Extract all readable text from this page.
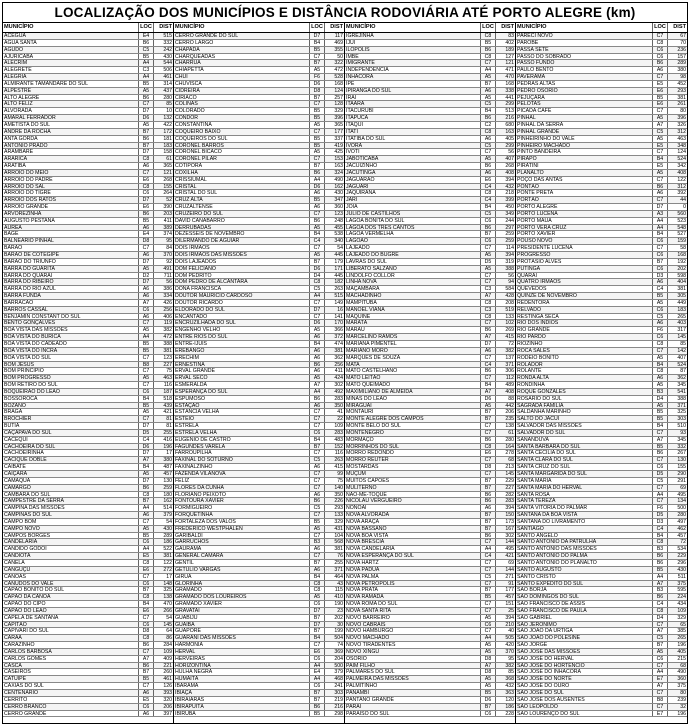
LOCALIZAÇÃO DOS MUNICÍPIOS E DISTÂNCIA RODOVIÁRIA ATÉ PORTO ALEGRE (km)
MUNICÍPIO	LOC	DIST
ACEGUÁ	E4	515
ÁGUA SANTA	B6	332
AGUDO	C5	242
AJURICABA	B5	430
ALECRIM	A4	544
ALEGRETE	C3	506
ALEGRIA	A4	461
ALMIRANTE TAMANDARÉ DO SUL	B5	314
ALPESTRE	A5	437
ALTO ALEGRE	B6	280
ALTO FELIZ	C7	85
ALVORADA	D7	10
AMARAL FERRADOR	D6	132
AMETISTA DO SUL	A5	422
ANDRÉ DA ROCHA	B7	172
ANTA GORDA	B6	181
ANTÔNIO PRADO	B7	183
ARAMBARÉ	D7	158
ARARICÁ	C8	61
ARATIBA	A6	365
ARROIO DO MEIO	C7	121
ARROIO DO PADRE	E6	268
ARROIO DO SAL	C8	155
ARROIO DO TIGRE	C6	264
ARROIO DOS RATOS	D7	52
ARROIO GRANDE	E6	390
ARVOREZINHA	B6	203
AUGUSTO PESTANA	B5	411
ÁUREA	A6	389
BAGÉ	E4	374
BALNEÁRIO PINHAL	D8	95
BARÃO	C7	84
BARÃO DE COTEGIPE	A6	370
BARÃO DO TRIUNFO	D7	92
BARRA DO GUARITA	A5	491
BARRA DO QUARAÍ	D2	711
BARRA DO RIBEIRO	D7	56
BARRA DO RIO AZUL	A6	386
BARRA FUNDA	A6	334
BARRACÃO	A7	426
BARROS CASSAL	C6	256
BENJAMIN CONSTANT DO SUL	A6	406
BENTO GONÇALVES	C7	119
BOA VISTA DAS MISSÕES	A5	382
BOA VISTA DO BURICÁ	A4	472
BOA VISTA DO CADEADO	B5	388
BOA VISTA DO INCRA	B5	381
BOA VISTA DO SUL	C7	123
BOM JESUS	B8	227
BOM PRINCÍPIO	C7	75
BOM PROGRESSO	A5	463
BOM RETIRO DO SUL	C7	116
BOQUEIRÃO DO LEÃO	C6	187
BOSSOROCA	B4	518
BOZANO	B5	439
BRAGA	A5	421
BROCHIER	C7	81
BUTIÁ	D7	81
CAÇAPAVA DO SUL	D5	255
CACEQUI	C4	416
CACHOEIRA DO SUL	D6	196
CACHOEIRINHA	D7	17
CACIQUE DOBLE	A7	380
CAIBATÉ	B4	487
CAIÇARA	A5	457
CAMAQUÃ	D7	130
CAMARGO	B6	259
CAMBARÁ DO SUL	C8	180
CAMPESTRE DA SERRA	B7	162
CAMPINA DAS MISSÕES	A4	514
CAMPINAS DO SUL	A6	379
CAMPO BOM	C7	54
CAMPO NOVO	A5	430
CAMPOS BORGES	B5	289
CANDELÁRIA	C6	186
CÂNDIDO GODÓI	A4	522
CANDIOTA	E5	381
CANELA	C8	122
CANGUÇU	E6	272
CANOAS	C7	17
CANUDOS DO VALE	C6	148
CAPÃO BONITO DO SUL	B7	325
CAPÃO DA CANOA	C8	138
CAPÃO DO CIPÓ	B4	470
CAPÃO DO LEÃO	E6	266
CAPELA DE SANTANA	C7	54
CAPITÃO	C6	145
CAPIVARI DO SUL	D8	64
CARAÁ	C8	86
CARAZINHO	B6	284
CARLOS BARBOSA	C7	109
CARLOS GOMES	A7	409
CASCA	B6	221
CASEIROS	B7	260
CATUÍPE	B5	461
CAXIAS DO SUL	C7	126
CENTENÁRIO	A6	393
CERRITO	E5	320
CERRO BRANCO	C6	206
CERRO GRANDE	A6	397
MUNICÍPIO	LOC	DIST
CERRO GRANDE DO SUL	D7	117
CERRO LARGO	B4	469
CHAPADA	B5	355
CHARQUEADAS	C7	50
CHARRUA	B7	322
CHIAPETTA	A5	472
CHUÍ	F6	528
CHUVISCA	D6	168
CIDREIRA	D8	124
CIRÍACO	B7	257
COLINAS	C7	128
COLORADO	B5	329
CONDOR	B5	396
CONSTANTINA	A5	365
COQUEIRO BAIXO	C7	177
COQUEIROS DO SUL	B5	337
CORONEL BARROS	B5	419
CORONEL BICACO	A5	425
CORONEL PILAR	C7	153
COTIPORÃ	B7	163
COXILHA	B6	324
CRISSIUMAL	A4	490
CRISTAL	D6	162
CRISTAL DO SUL	A6	430
CRUZ ALTA	B5	347
CRUZALTENSE	A6	360
CRUZEIRO DO SUL	C7	123
DAVID CANABARRO	B6	248
DERRUBADAS	A5	455
DEZESSEIS DE NOVEMBRO	B4	538
DILERMANDO DE AGUIAR	C4	340
DOIS IRMÃOS	C7	54
DOIS IRMÃOS DAS MISSÕES	A5	445
DOIS LAJEADOS	B7	179
DOM FELICIANO	D6	171
DOM PEDRITO	D4	445
DOM PEDRO DE ALCÂNTARA	C8	182
DONA FRANCISCA	C5	263
DOUTOR MAURÍCIO CARDOSO	A4	515
DOUTOR RICARDO	C7	149
ELDORADO DO SUL	D7	16
ENCANTADO	C7	141
ENCRUZILHADA DO SUL	D6	170
ENGENHO VELHO	A5	366
ENTRE RIOS DO SUL	A6	372
ENTRE-IJUÍS	B4	474
EREBANGO	A6	381
ERECHIM	A6	362
ERNESTINA	B6	256
ERVAL GRANDE	A6	411
ERVAL SECO	A5	424
ESMERALDA	A7	302
ESPERANÇA DO SUL	A4	492
ESPUMOSO	B6	283
ESTAÇÃO	A6	350
ESTÂNCIA VELHA	C7	41
ESTEIO	C7	22
ESTRELA	C7	109
ESTRELA VELHA	C6	283
EUGÊNIO DE CASTRO	B4	483
FAGUNDES VARELA	B7	152
FARROUPILHA	C7	116
FAXINAL DO SOTURNO	C5	263
FAXINALZINHO	A6	415
FAZENDA VILANOVA	C7	99
FELIZ	C7	75
FLORES DA CUNHA	C7	140
FLORIANO PEIXOTO	A6	350
FONTOURA XAVIER	B6	226
FORMIGUEIRO	C5	293
FORQUETINHA	C7	133
FORTALEZA DOS VALOS	B5	329
FREDERICO WESTPHALEN	A5	431
GARIBALDI	C7	104
GARRUCHOS	B3	568
GAURAMA	A6	381
GENERAL CÂMARA	C7	76
GENTIL	B7	255
GETÚLIO VARGAS	A6	371
GIRUÁ	B4	464
GLORINHA	C8	43
GRAMADO	C8	115
GRAMADO DOS LOUREIROS	A5	410
GRAMADO XAVIER	C6	190
GRAVATAÍ	D7	23
GUABIJU	B7	202
GUAÍBA	D7	30
GUAPORÉ	B7	199
GUARANI DAS MISSÕES	B4	504
HARMONIA	C7	74
HERVAL	E6	369
HERVEIRAS	C6	204
HORIZONTINA	A4	500
HULHA NEGRA	E4	379
HUMAITÁ	A4	468
IBARAMA	C6	241
IBIAÇÁ	B7	303
IBIRAIARAS	B7	219
IBIRAPUITÃ	B6	216
IBIRUBÁ	B5	298
MUNICÍPIO	LOC	DIST
IGREJINHA	C8	83
IJUÍ	B5	402
ILÓPOLIS	B6	189
IMBÉ	C8	127
IMIGRANTE	C7	121
INDEPENDÊNCIA	A4	471
INHACORÁ	A5	470
IPÊ	B7	168
IPIRANGA DO SUL	A6	338
IRAÍ	A5	441
ITAARA	C5	299
ITACURUBI	B4	513
ITAPUCA	B6	216
ITAQUI	C2	680
ITATI	C8	163
ITATIBA DO SUL	A6	405
IVORÁ	C5	299
IVOTI	C7	56
JABOTICABA	A5	407
JACUIZINHO	B6	268
JACUTINGA	A6	408
JAGUARÃO	E6	394
JAGUARI	C4	432
JAQUIRANA	C8	218
JARI	C4	399
JÓIA	B4	450
JÚLIO DE CASTILHOS	C5	349
LAGOA BONITA DO SUL	C6	244
LAGOA DOS TRÊS CANTOS	B6	297
LAGOA VERMELHA	B7	259
LAGOÃO	C6	259
LAJEADO	C7	114
LAJEADO DO BUGRE	A5	394
LAVRAS DO SUL	D5	319
LIBERATO SALZANO	A5	388
LINDOLFO COLLOR	C7	56
LINHA NOVA	C7	94
MAÇAMBARÁ	C3	584
MACHADINHO	A7	428
MAMPITUBA	C8	208
MANOEL VIANA	C3	519
MAQUINÉ	C8	133
MARATÁ	C7	102
MARAU	B6	269
MARCELINO RAMOS	A7	415
MARIANA PIMENTEL	D7	72
MARIANO MORO	A6	382
MARQUES DE SOUZA	C7	137
MATA	C4	371
MATO CASTELHANO	B6	306
MATO LEITÃO	C7	112
MATO QUEIMADO	B4	489
MAXIMILIANO DE ALMEIDA	A7	408
MINAS DO LEÃO	D6	88
MIRAGUAÍ	A5	442
MONTAURI	B7	206
MONTE ALEGRE DOS CAMPOS	B7	235
MONTE BELO DO SUL	C7	138
MONTENEGRO	C7	61
MORMAÇO	B6	280
MORRINHOS DO SUL	C8	164
MORRO REDONDO	E6	278
MORRO REUTER	C7	68
MOSTARDAS	D8	213
MUÇUM	C7	145
MUITOS CAPÕES	B7	229
MULITERNO	B7	227
NÃO-ME-TOQUE	B6	282
NICOLAU VERGUEIRO	B6	283
NONOAI	A6	394
NOVA ALVORADA	B7	150
NOVA ARAÇÁ	B7	173
NOVA BASSANO	B7	167
NOVA BOA VISTA	B6	302
NOVA BRÉSCIA	C7	144
NOVA CANDELÁRIA	A4	495
NOVA ESPERANÇA DO SUL	C4	421
NOVA HARTZ	C7	69
NOVA PÁDUA	C7	144
NOVA PALMA	C5	271
NOVA PETRÓPOLIS	C7	91
NOVA PRATA	B7	177
NOVA RAMADA	B5	457
NOVA ROMA DO SUL	C7	151
NOVA SANTA RITA	C7	25
NOVO BARREIRO	A5	394
NOVO CABRAIS	C6	210
NOVO HAMBURGO	C7	40
NOVO MACHADO	A4	505
NOVO TIRADENTES	A5	420
NOVO XINGU	A5	370
OSÓRIO	D8	95
PAIM FILHO	A7	382
PALMARES DO SUL	D8	85
PALMEIRA DAS MISSÕES	A5	368
PALMITINHO	A5	432
PANAMBI	B5	363
PANTANO GRANDE	D6	120
PARAÍ	B7	186
PARAÍSO DO SUL	C6	228
MUNICÍPIO	LOC	DIST
PARECI NOVO	C7	67
PAROBÉ	C8	70
PASSA SETE	C6	236
PASSO DO SOBRADO	C6	157
PASSO FUNDO	B6	289
PAULO BENTO	A6	380
PAVERAMA	C7	98
PEDRAS ALTAS	E5	452
PEDRO OSÓRIO	E6	293
PEJUÇARA	B5	381
PELOTAS	E6	261
PICADA CAFÉ	C7	80
PINHAL	A5	396
PINHAL DA SERRA	A7	326
PINHAL GRANDE	C5	312
PINHEIRINHO DO VALE	A5	463
PINHEIRO MACHADO	E5	348
PINTO BANDEIRA	C7	124
PIRAPÓ	B4	524
PIRATINI	E5	342
PLANALTO	A5	408
POÇO DAS ANTAS	C7	122
PONTÃO	B6	312
PONTE PRETA	A6	392
PORTÃO	C7	44
PORTO ALEGRE	D7	0
PORTO LUCENA	A3	560
PORTO MAUÁ	A4	523
PORTO VERA CRUZ	A4	548
PORTO XAVIER	B4	527
POUSO NOVO	C6	159
PRESIDENTE LUCENA	C7	58
PROGRESSO	C6	168
PROTÁSIO ALVES	B7	192
PUTINGA	C6	202
QUARAÍ	D3	598
QUATRO IRMÃOS	A6	404
QUEVEDOS	C4	381
QUINZE DE NOVEMBRO	B5	305
REDENTORA	A5	449
RELVADO	C6	183
RESTINGA SECA	C5	265
RIO DOS ÍNDIOS	A6	403
RIO GRANDE	F6	317
RIO PARDO	C6	145
RIOZINHO	C8	85
ROCA SALES	C7	142
RODEIO BONITO	A5	407
ROLADOR	B4	524
ROLANTE	C8	87
RONDA ALTA	A6	362
RONDINHA	A5	345
ROQUE GONZALES	B3	541
ROSÁRIO DO SUL	D4	388
SAGRADA FAMÍLIA	A5	371
SALDANHA MARINHO	B5	325
SALTO DO JACUÍ	B5	303
SALVADOR DAS MISSÕES	B4	510
SALVADOR DO SUL	C7	93
SANANDUVA	A7	345
SANTA BÁRBARA DO SUL	B5	332
SANTA CECÍLIA DO SUL	B6	267
SANTA CLARA DO SUL	C7	130
SANTA CRUZ DO SUL	C6	155
SANTA MARGARIDA DO SUL	D5	290
SANTA MARIA	C5	291
SANTA MARIA DO HERVAL	C7	69
SANTA ROSA	A4	495
SANTA TEREZA	C7	134
SANTA VITÓRIA DO PALMAR	F6	500
SANTANA DA BOA VISTA	D5	280
SANTANA DO LIVRAMENTO	D3	497
SANTIAGO	C4	462
SANTO ÂNGELO	B4	457
SANTO ANTÔNIO DA PATRULHA	C8	72
SANTO ANTÔNIO DAS MISSÕES	B3	534
SANTO ANTÔNIO DO PALMA	B6	229
SANTO ANTÔNIO DO PLANALTO	B6	296
SANTO AUGUSTO	B5	430
SANTO CRISTO	A4	511
SANTO EXPEDITO DO SUL	A7	375
SÃO BORJA	B3	595
SÃO DOMINGOS DO SUL	B6	224
SÃO FRANCISCO DE ASSIS	C4	434
SÃO FRANCISCO DE PAULA	C8	109
SÃO GABRIEL	D4	329
SÃO JERÔNIMO	C7	65
SÃO JOÃO DA URTIGA	A7	385
SÃO JOÃO DO POLÊSINE	C5	265
SÃO JORGE	B7	196
SÃO JOSÉ DAS MISSÕES	A5	405
SÃO JOSÉ DO HERVAL	C6	215
SÃO JOSÉ DO HORTÊNCIO	C7	68
SÃO JOSÉ DO INHACORÁ	A4	490
SÃO JOSÉ DO NORTE	E7	360
SÃO JOSÉ DO OURO	A7	375
SÃO JOSÉ DO SUL	C7	80
SÃO JOSÉ DOS AUSENTES	B8	239
SÃO LEOPOLDO	C7	32
SÃO LOURENÇO DO SUL	E7	196
